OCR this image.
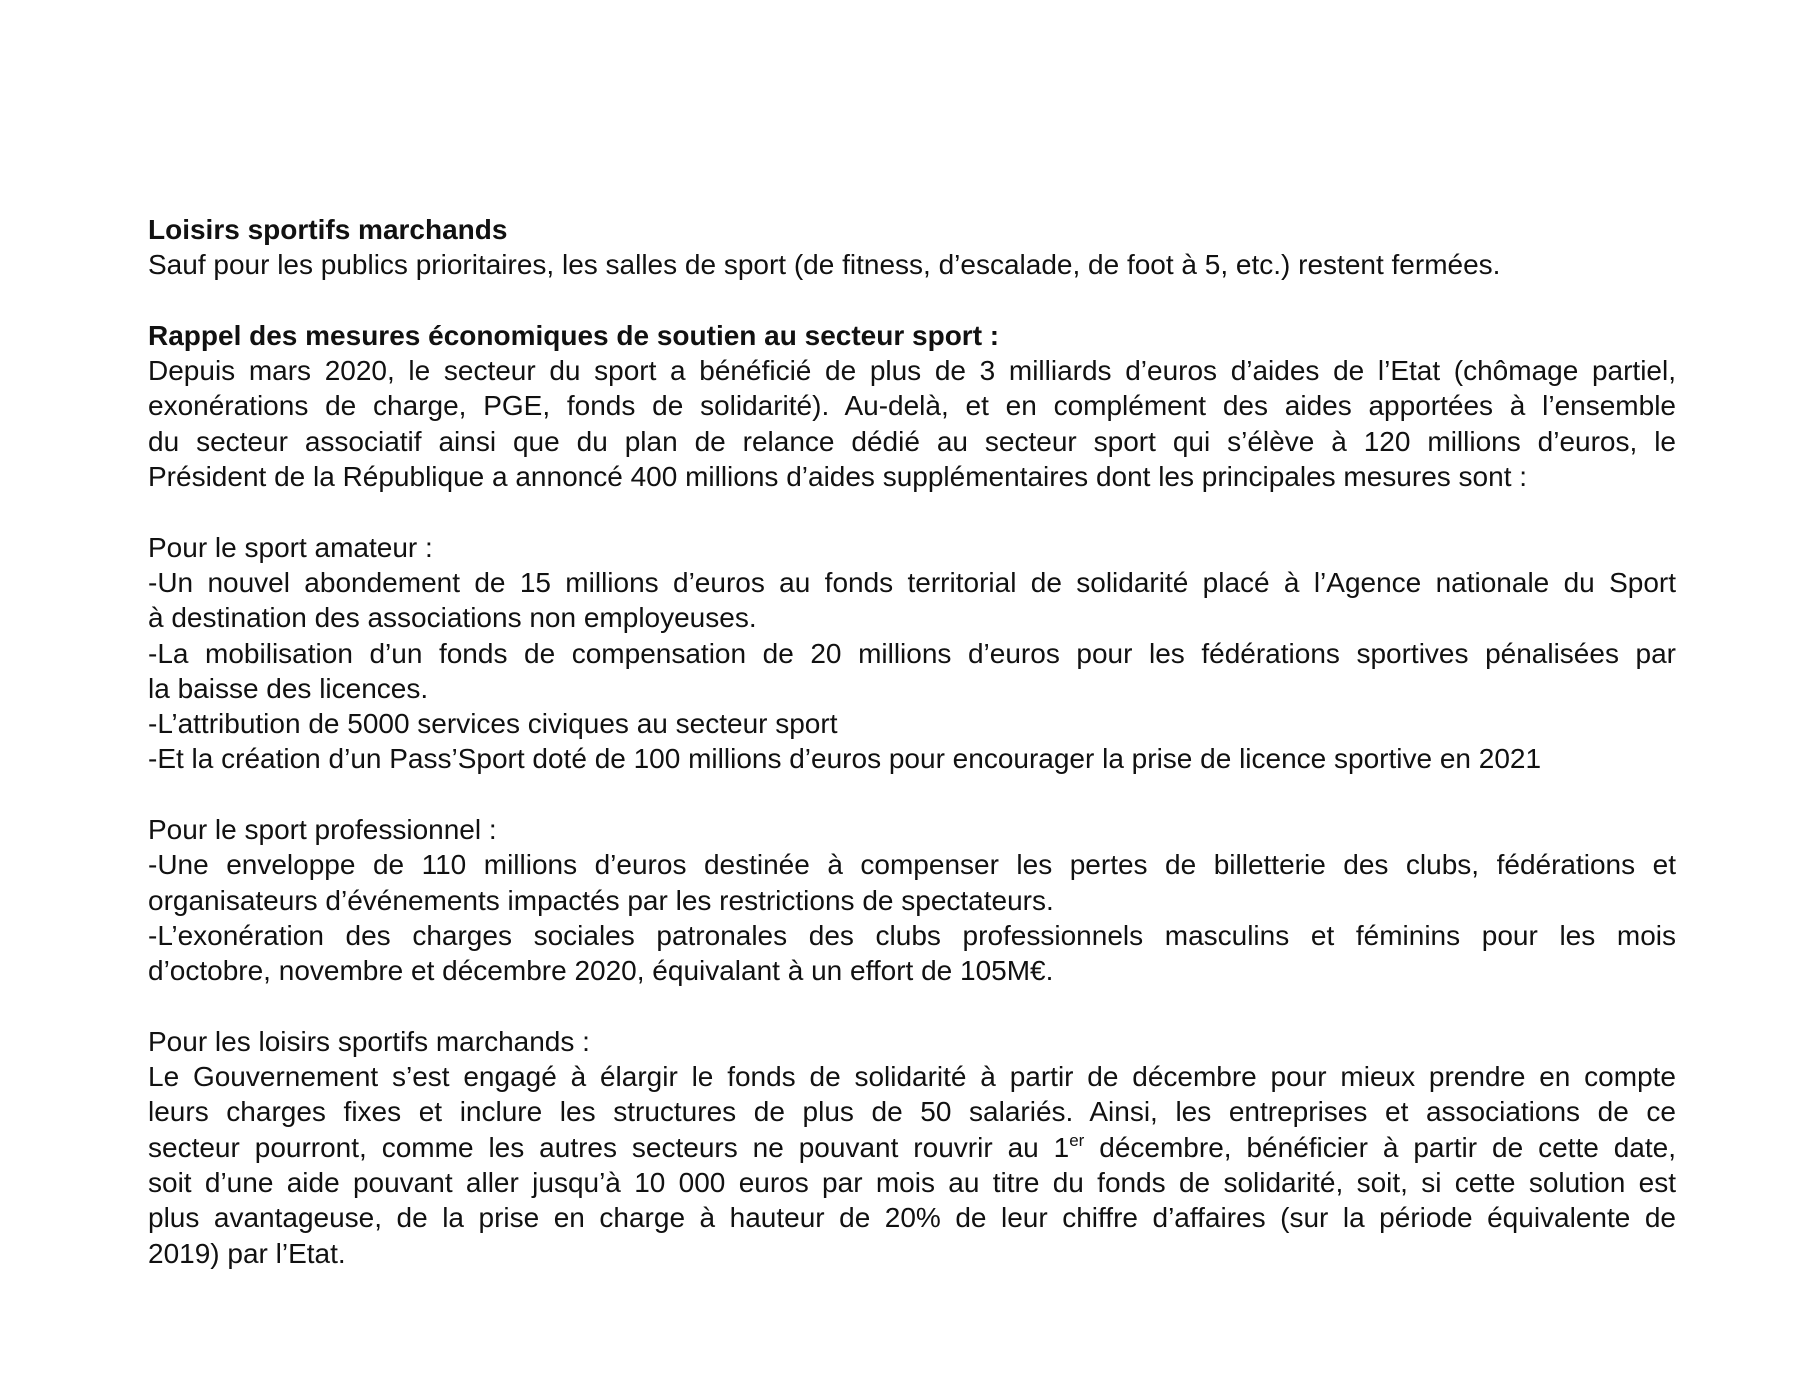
Loisirs sportifs marchands
Sauf pour les publics prioritaires, les salles de sport (de fitness, d’escalade, de foot à 5, etc.) restent fermées.
Rappel des mesures économiques de soutien au secteur sport :
Depuis mars 2020, le secteur du sport a bénéficié de plus de 3 milliards d’euros d’aides de l’Etat (chômage partiel,
exonérations de charge, PGE, fonds de solidarité). Au-delà, et en complément des aides apportées à l’ensemble
du secteur associatif ainsi que du plan de relance dédié au secteur sport qui s’élève à 120 millions d’euros, le
Président de la République a annoncé 400 millions d’aides supplémentaires dont les principales mesures sont :
Pour le sport amateur :
-Un nouvel abondement de 15 millions d’euros au fonds territorial de solidarité placé à l’Agence nationale du Sport
à destination des associations non employeuses.
-La mobilisation d’un fonds de compensation de 20 millions d’euros pour les fédérations sportives pénalisées par
la baisse des licences.
-L’attribution de 5000 services civiques au secteur sport
-Et la création d’un Pass’Sport doté de 100 millions d’euros pour encourager la prise de licence sportive en 2021
Pour le sport professionnel :
-Une enveloppe de 110 millions d’euros destinée à compenser les pertes de billetterie des clubs, fédérations et
organisateurs d’événements impactés par les restrictions de spectateurs.
-L’exonération des charges sociales patronales des clubs professionnels masculins et féminins pour les mois
d’octobre, novembre et décembre 2020, équivalant à un effort de 105M€.
Pour les loisirs sportifs marchands :
Le Gouvernement s’est engagé à élargir le fonds de solidarité à partir de décembre pour mieux prendre en compte
leurs charges fixes et inclure les structures de plus de 50 salariés. Ainsi, les entreprises et associations de ce
secteur pourront, comme les autres secteurs ne pouvant rouvrir au 1er décembre, bénéficier à partir de cette date,
soit d’une aide pouvant aller jusqu’à 10 000 euros par mois au titre du fonds de solidarité, soit, si cette solution est
plus avantageuse, de la prise en charge à hauteur de 20% de leur chiffre d’affaires (sur la période équivalente de
2019) par l’Etat.
